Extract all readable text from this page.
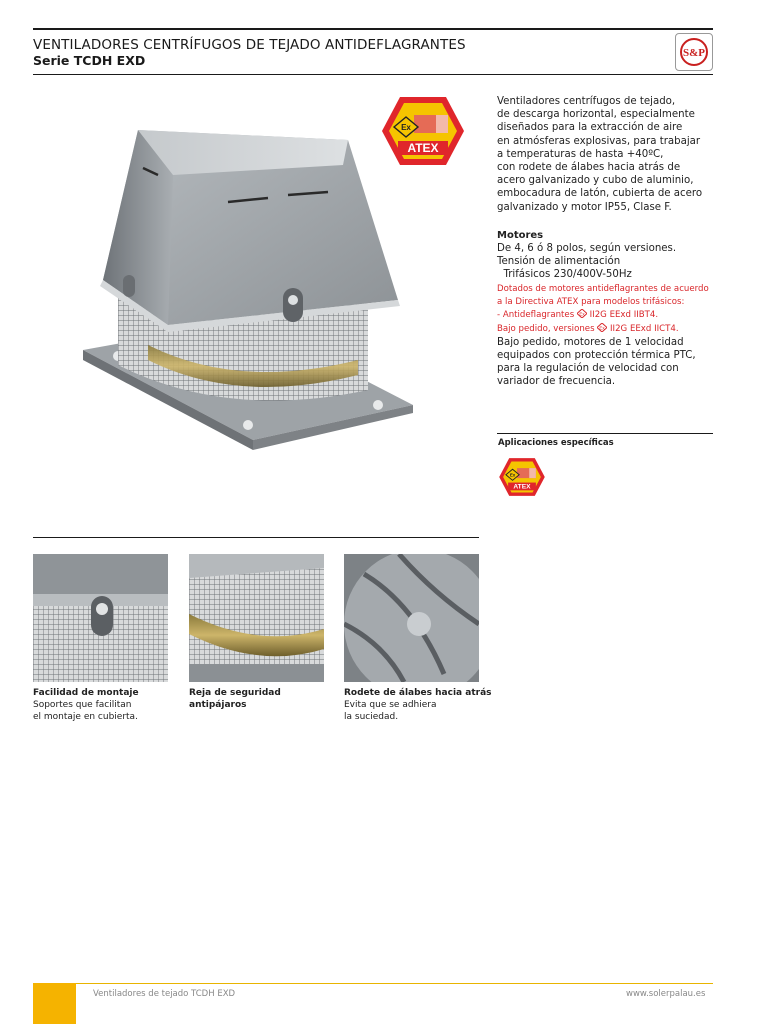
VENTILADORES CENTRÍFUGOS DE TEJADO ANTIDEFLAGRANTES
Serie TCDH EXD	S&P
Ex
ATEX
Ventiladores centrífugos de tejado,
de descarga horizontal, especialmente
diseñados para la extracción de aire
en atmósferas explosivas, para trabajar
a temperaturas de hasta +40ºC,
con rodete de álabes hacia atrás de
acero galvanizado y cubo de aluminio,
embocadura de latón, cubierta de acero
galvanizado y motor IP55, Clase F.
Motores
De 4, 6 ó 8 polos, según versiones.
Tensión de alimentación
Trifásicos 230/400V-50Hz
Dotados de motores antideflagrantes de acuerdo
a la Directiva ATEX para modelos trifásicos:
- Antideflagrantes Ex II2G EExd IIBT4.
Bajo pedido, versiones Ex II2G EExd IICT4.
Bajo pedido, motores de 1 velocidad
equipados con protección térmica PTC,
para la regulación de velocidad con
variador de frecuencia.
Aplicaciones específicas
Ex
ATEX
Facilidad de montaje
Soportes que facilitan
el montaje en cubierta.
Reja de seguridad
antipájaros
Rodete de álabes hacia atrás
Evita que se adhiera
la suciedad.
Ventiladores de tejado TCDH EXD	www.solerpalau.es
